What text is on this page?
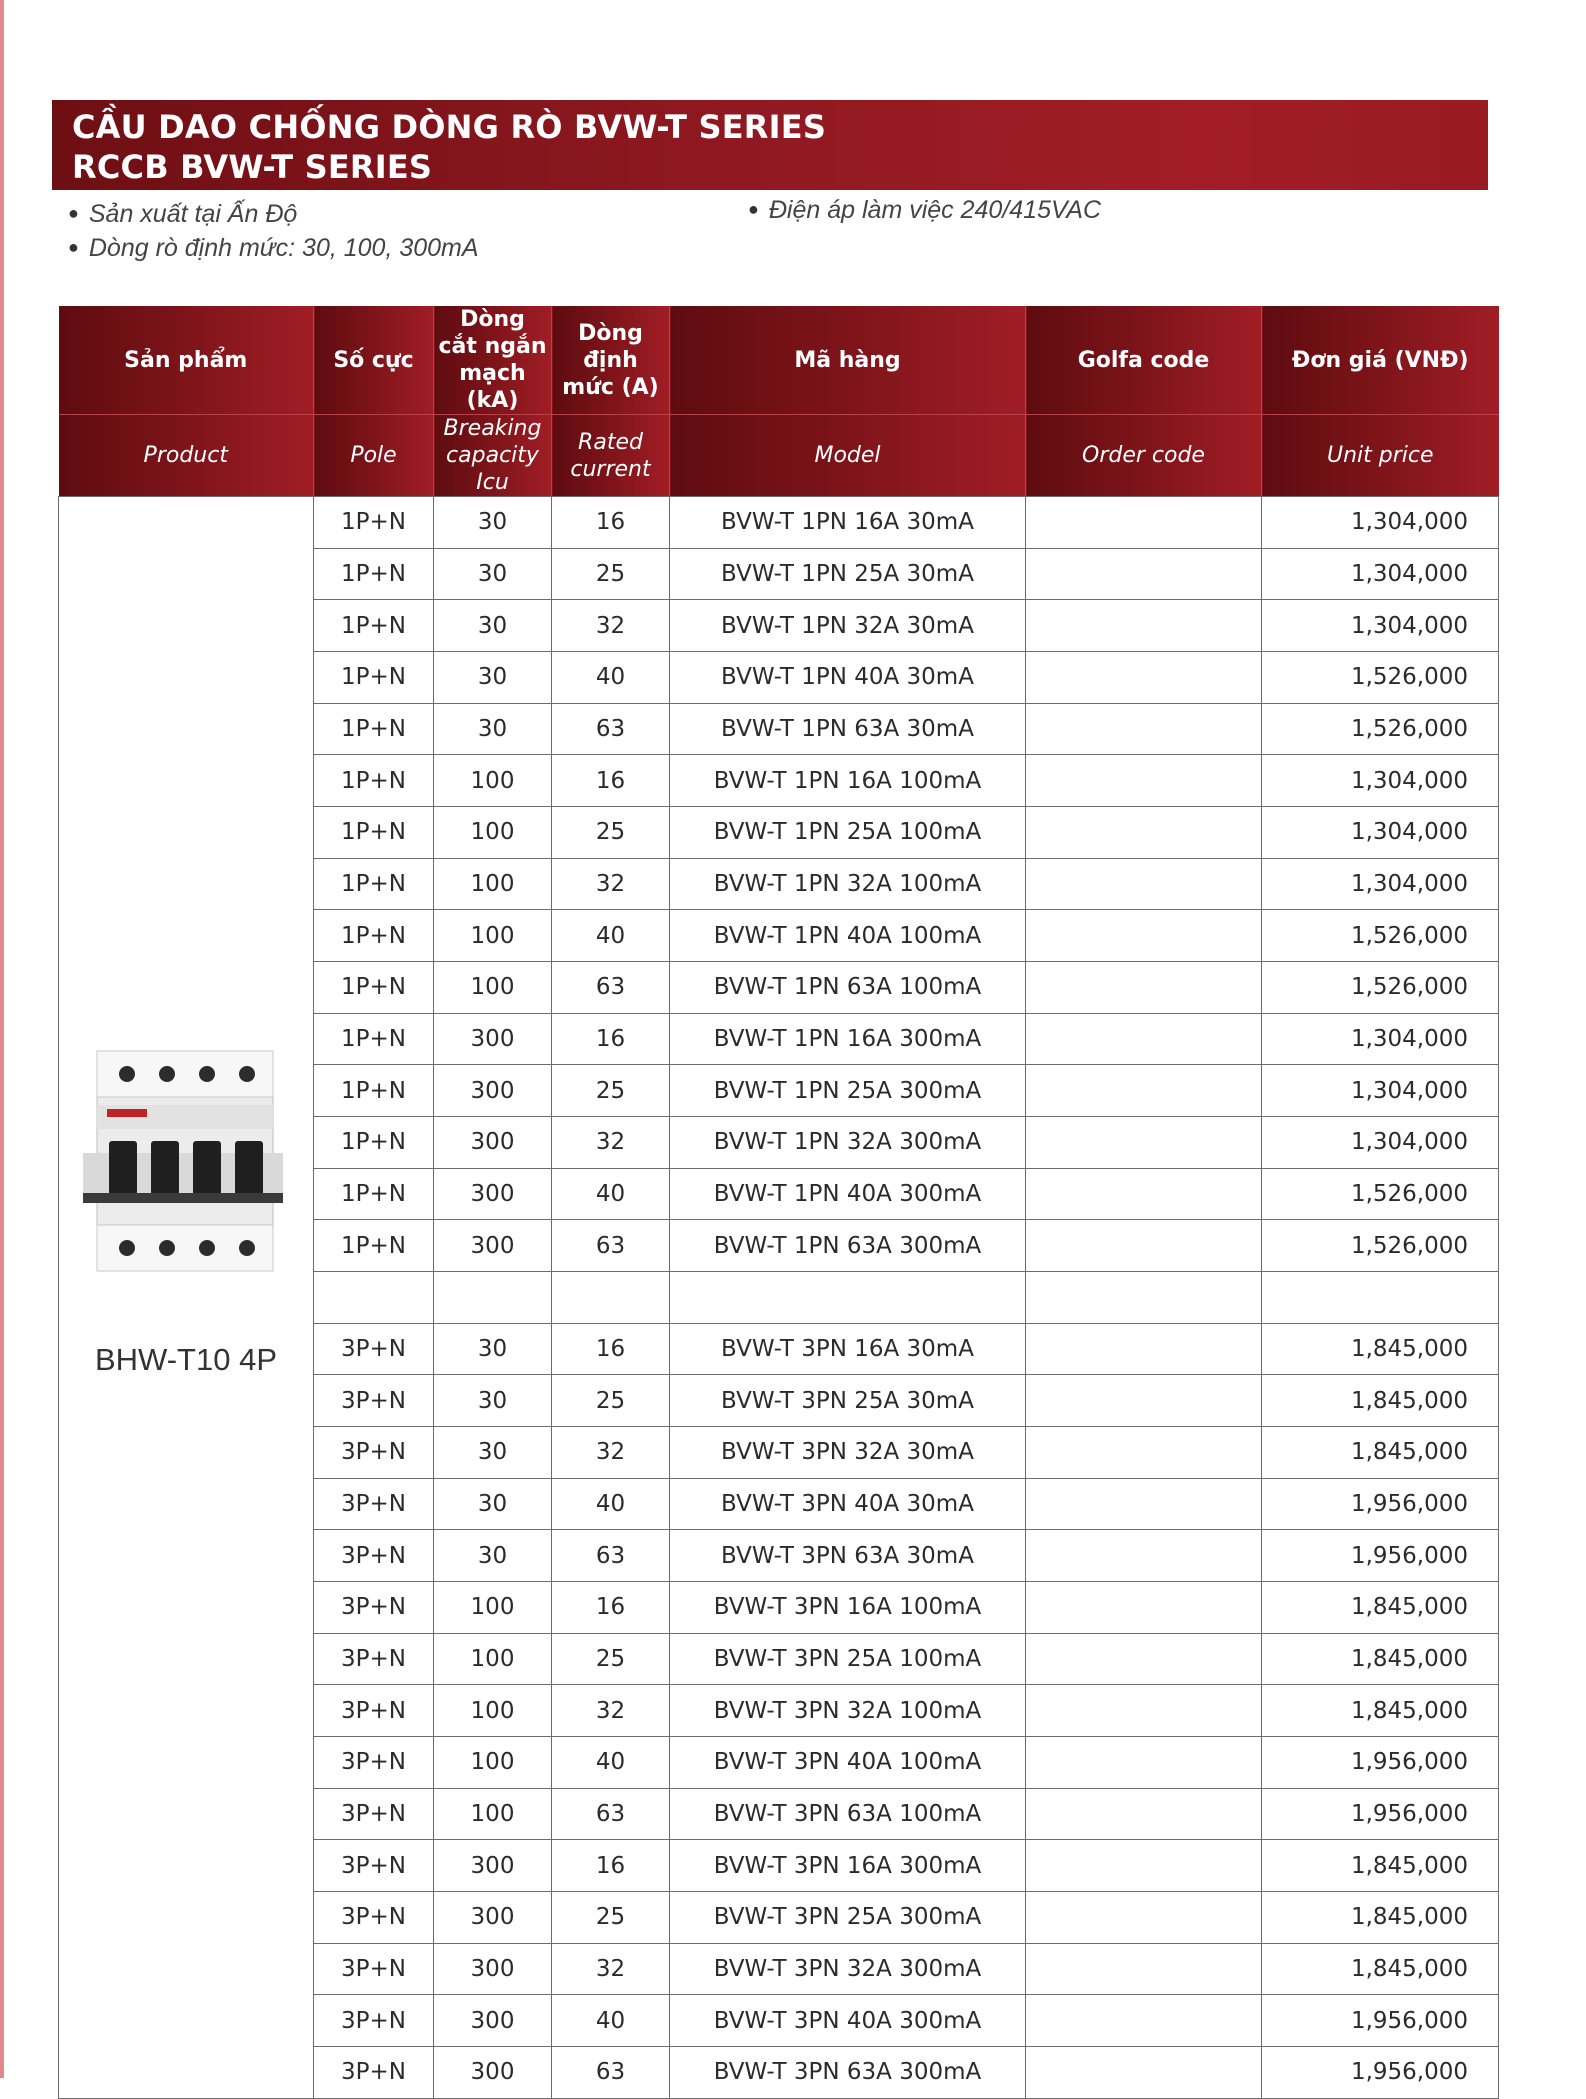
CẦU DAO CHỐNG DÒNG RÒ BVW-T SERIES
RCCB BVW-T SERIES
● Sản xuất tại Ấn Độ
● Dòng rò định mức: 30, 100, 300mA
● Điện áp làm việc 240/415VAC
Sản phẩm	Số cực	Dòng cắt ngắn mạch (kA)	Dòng định mức (A)	Mã hàng	Golfa code	Đơn giá (VNĐ)
Product	Pole	Breaking capacity Icu	Rated current	Model	Order code	Unit price

BHW-T10 4P	1P+N	30	16	BVW-T 1PN 16A 30mA		1,304,000
	1P+N	30	25	BVW-T 1PN 25A 30mA		1,304,000
	1P+N	30	32	BVW-T 1PN 32A 30mA		1,304,000
	1P+N	30	40	BVW-T 1PN 40A 30mA		1,526,000
	1P+N	30	63	BVW-T 1PN 63A 30mA		1,526,000
	1P+N	100	16	BVW-T 1PN 16A 100mA		1,304,000
	1P+N	100	25	BVW-T 1PN 25A 100mA		1,304,000
	1P+N	100	32	BVW-T 1PN 32A 100mA		1,304,000
	1P+N	100	40	BVW-T 1PN 40A 100mA		1,526,000
	1P+N	100	63	BVW-T 1PN 63A 100mA		1,526,000
	1P+N	300	16	BVW-T 1PN 16A 300mA		1,304,000
	1P+N	300	25	BVW-T 1PN 25A 300mA		1,304,000
	1P+N	300	32	BVW-T 1PN 32A 300mA		1,304,000
	1P+N	300	40	BVW-T 1PN 40A 300mA		1,526,000
	1P+N	300	63	BVW-T 1PN 63A 300mA		1,526,000

	3P+N	30	16	BVW-T 3PN 16A 30mA		1,845,000
	3P+N	30	25	BVW-T 3PN 25A 30mA		1,845,000
	3P+N	30	32	BVW-T 3PN 32A 30mA		1,845,000
	3P+N	30	40	BVW-T 3PN 40A 30mA		1,956,000
	3P+N	30	63	BVW-T 3PN 63A 30mA		1,956,000
	3P+N	100	16	BVW-T 3PN 16A 100mA		1,845,000
	3P+N	100	25	BVW-T 3PN 25A 100mA		1,845,000
	3P+N	100	32	BVW-T 3PN 32A 100mA		1,845,000
	3P+N	100	40	BVW-T 3PN 40A 100mA		1,956,000
	3P+N	100	63	BVW-T 3PN 63A 100mA		1,956,000
	3P+N	300	16	BVW-T 3PN 16A 300mA		1,845,000
	3P+N	300	25	BVW-T 3PN 25A 300mA		1,845,000
	3P+N	300	32	BVW-T 3PN 32A 300mA		1,845,000
	3P+N	300	40	BVW-T 3PN 40A 300mA		1,956,000
	3P+N	300	63	BVW-T 3PN 63A 300mA		1,956,000
